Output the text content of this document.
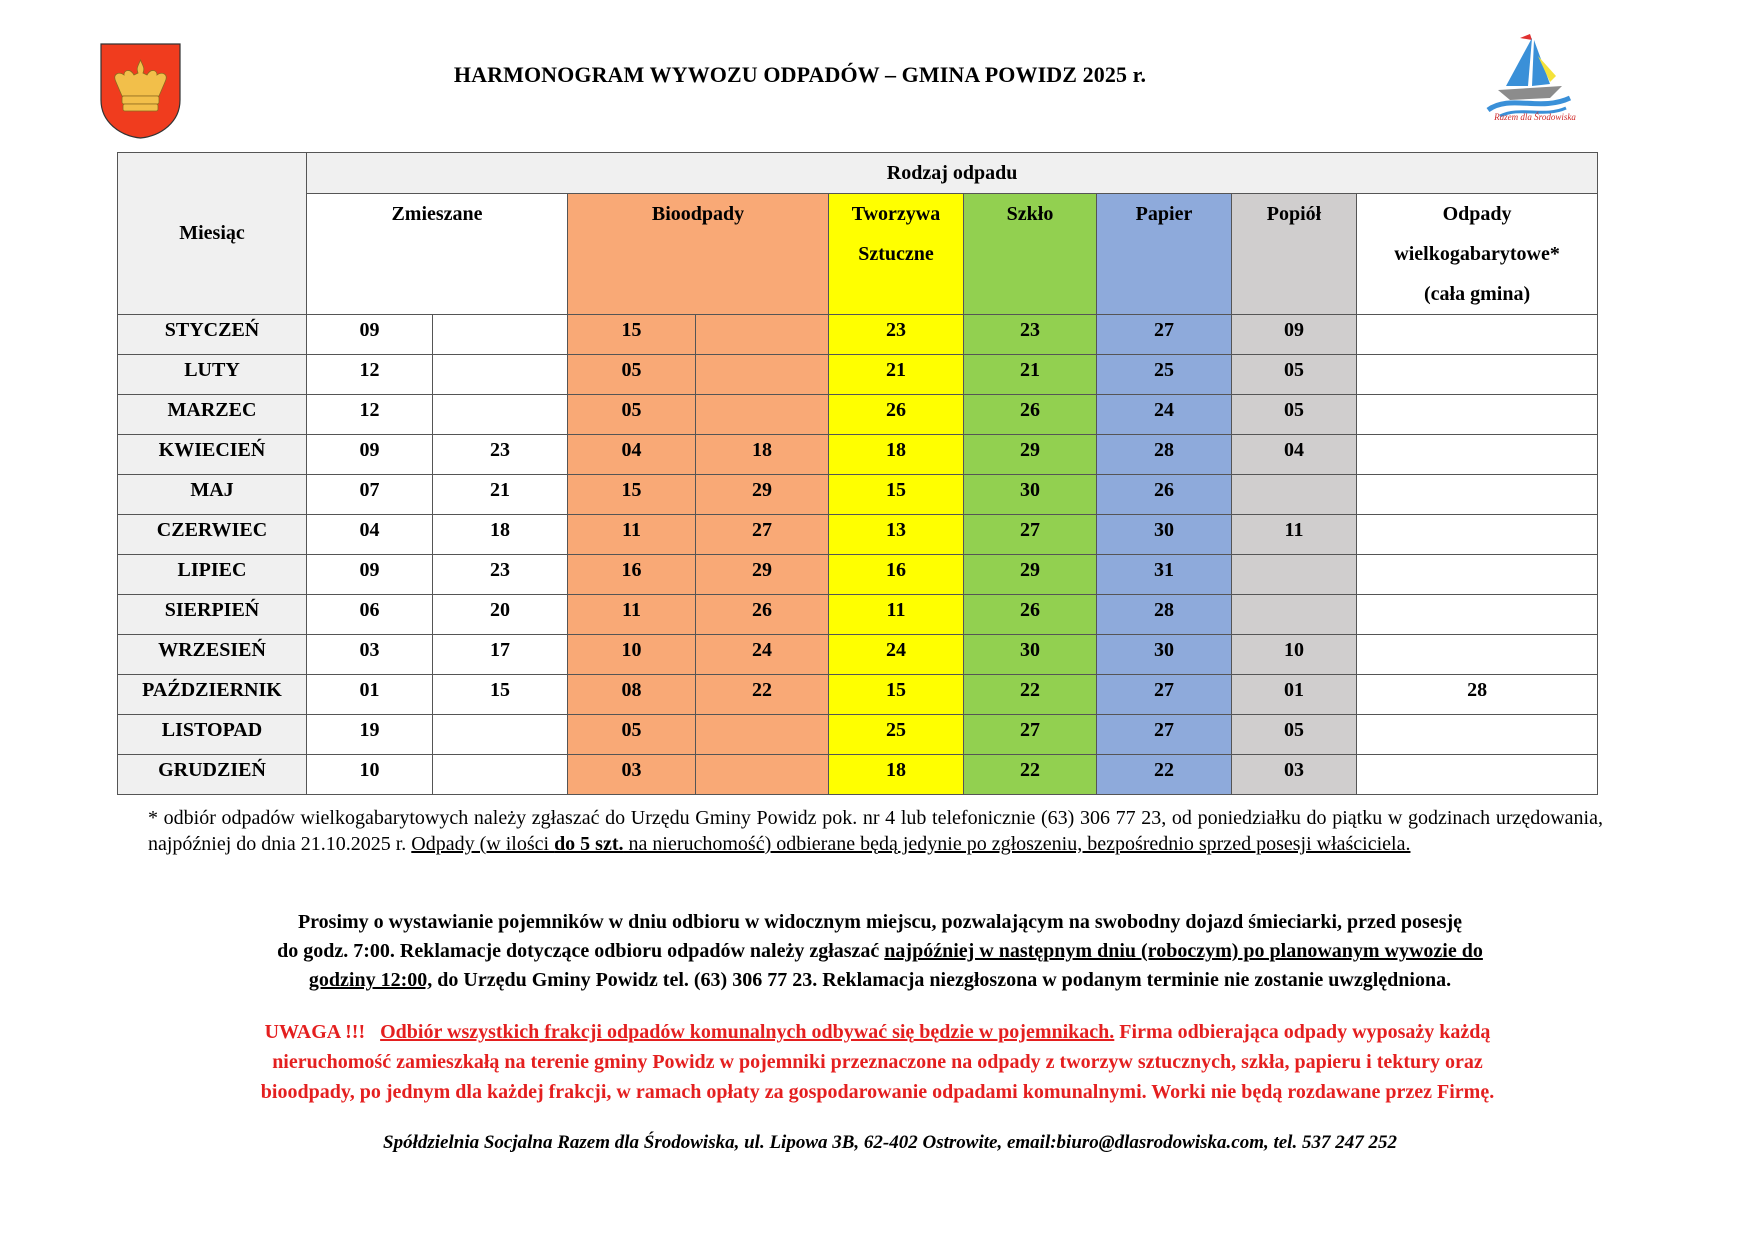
HARMONOGRAM WYWOZU ODPADÓW – GMINA POWIDZ 2025 r.
Razem dla Środowiska
Miesiąc	Rodzaj odpadu								
	Zmieszane		Bioodpady		Tworzywa
Sztuczne	Szkło	Papier	Popiół	Odpady
wielkogabarytowe*
(cała gmina)

STYCZEŃ	09		15		23	23	27	09	
LUTY	12		05		21	21	25	05	
MARZEC	12		05		26	26	24	05	
KWIECIEŃ	09	23	04	18	18	29	28	04	
MAJ	07	21	15	29	15	30	26		
CZERWIEC	04	18	11	27	13	27	30	11	
LIPIEC	09	23	16	29	16	29	31		
SIERPIEŃ	06	20	11	26	11	26	28		
WRZESIEŃ	03	17	10	24	24	30	30	10	
PAŹDZIERNIK	01	15	08	22	15	22	27	01	28
LISTOPAD	19		05		25	27	27	05	
GRUDZIEŃ	10		03		18	22	22	03	
* odbiór odpadów wielkogabarytowych należy zgłaszać do Urzędu Gminy Powidz pok. nr 4 lub telefonicznie (63) 306 77 23, od poniedziałku do piątku w godzinach urzędowania, najpóźniej do dnia 21.10.2025 r. Odpady (w ilości do 5 szt. na nieruchomość) odbierane będą jedynie po zgłoszeniu, bezpośrednio sprzed posesji właściciela.
Prosimy o wystawianie pojemników w dniu odbioru w widocznym miejscu, pozwalającym na swobodny dojazd śmieciarki, przed posesję
do godz. 7:00. Reklamacje dotyczące odbioru odpadów należy zgłaszać najpóźniej w następnym dniu (roboczym) po planowanym wywozie do
godziny 12:00, do Urzędu Gminy Powidz tel. (63) 306 77 23. Reklamacja niezgłoszona w podanym terminie nie zostanie uwzględniona.
UWAGA !!!   Odbiór wszystkich frakcji odpadów komunalnych odbywać się będzie w pojemnikach. Firma odbierająca odpady wyposaży każdą
nieruchomość zamieszkałą na terenie gminy Powidz w pojemniki przeznaczone na odpady z tworzyw sztucznych, szkła, papieru i tektury oraz
bioodpady, po jednym dla każdej frakcji, w ramach opłaty za gospodarowanie odpadami komunalnymi. Worki nie będą rozdawane przez Firmę.
Spółdzielnia Socjalna Razem dla Środowiska, ul. Lipowa 3B, 62-402 Ostrowite, email:biuro@dlasrodowiska.com, tel. 537 247 252
